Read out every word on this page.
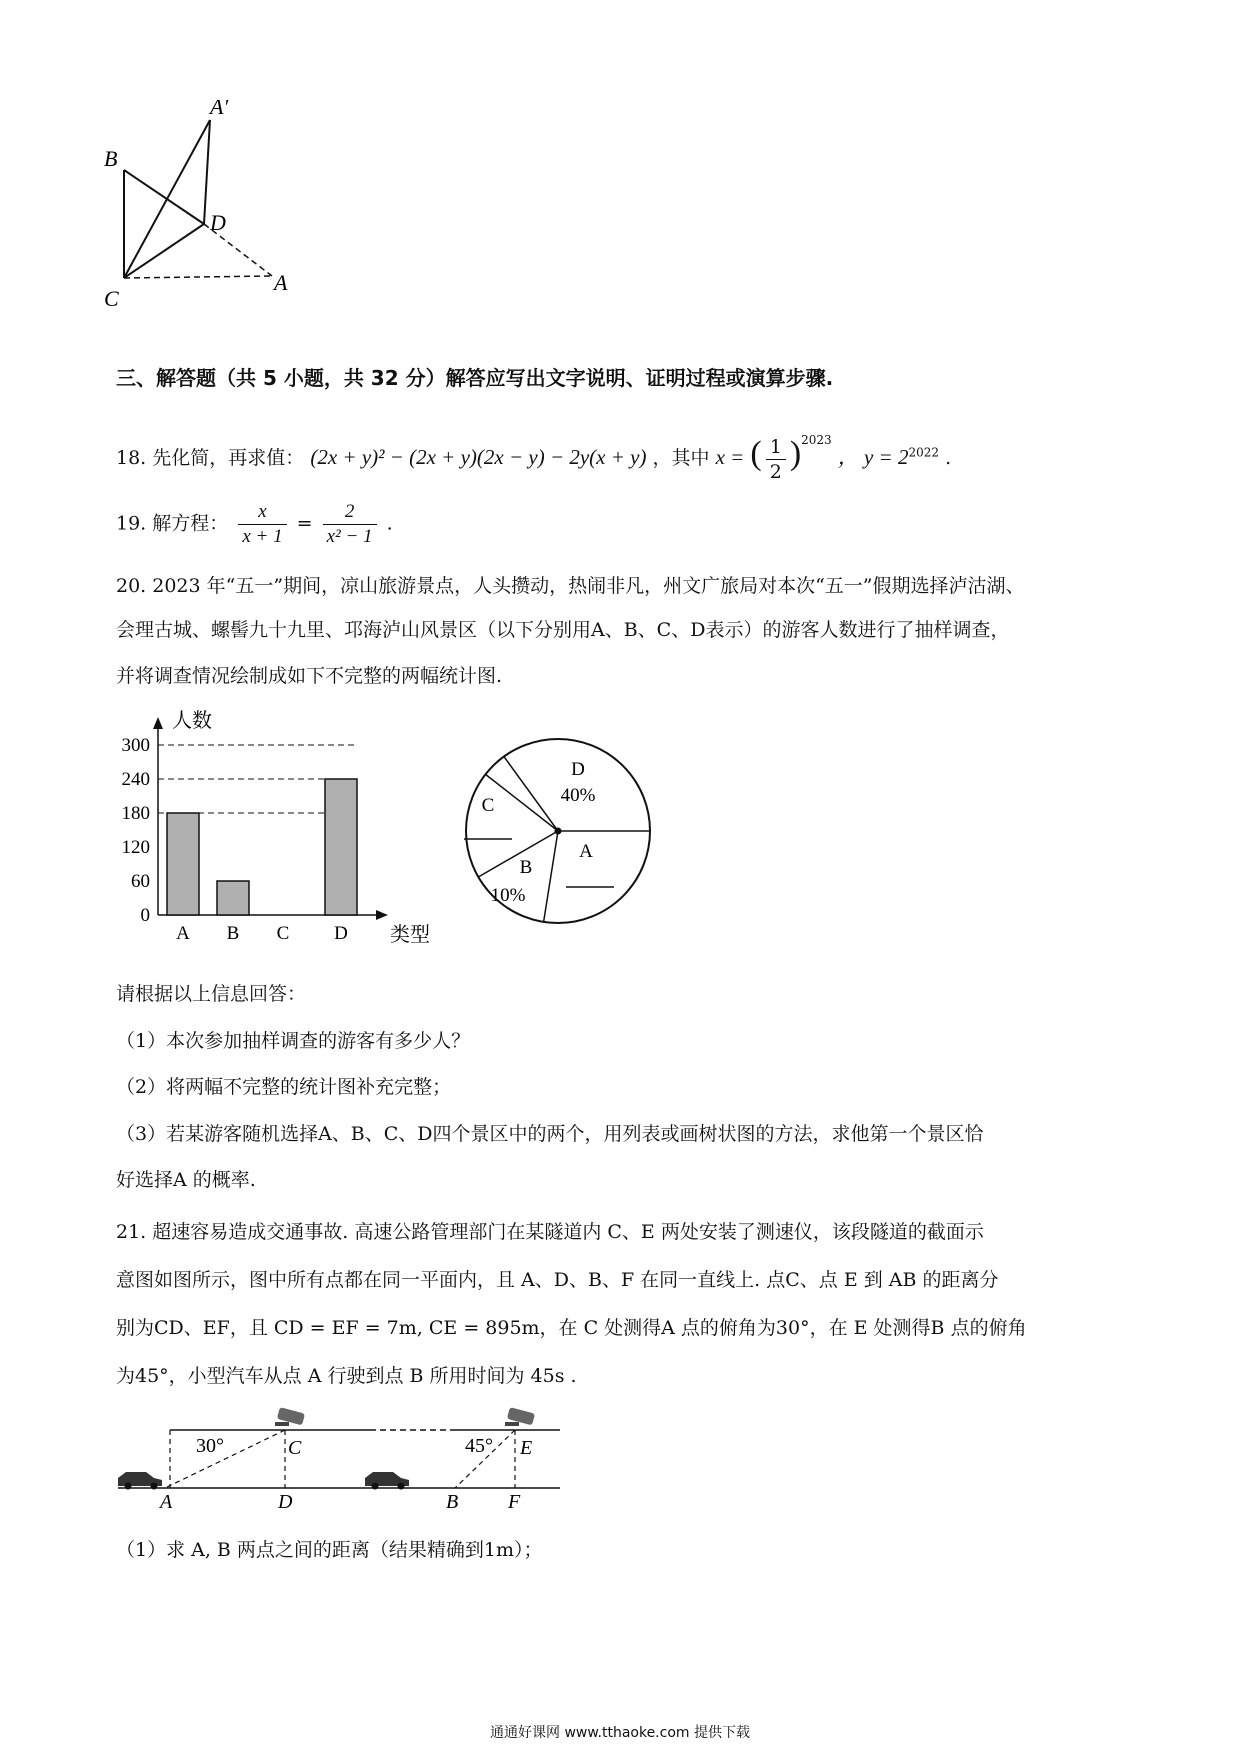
A′
B
D
C
A
三、解答题（共 5 小题，共 32 分）解答应写出文字说明、证明过程或演算步骤.
18. 先化简，再求值： (2x + y)² − (2x + y)(2x − y) − 2y(x + y) ，其中 x = ( $\frac{1}{2} )^{2023}$ ， $y = 2^{2022}$ .
19. 解方程： $\frac{x}{x + 1} = \frac{2}{\text{x² − 1}}$ .
20. 2023 年“五一”期间，凉山旅游景点，人头攒动，热闹非凡，州文广旅局对本次“五一”假期选择泸沽湖、
会理古城、螺髻九十九里、邛海泸山风景区（以下分别用A、B、C、D表示）的游客人数进行了抽样调查，
并将调查情况绘制成如下不完整的两幅统计图.
0
60
120
180
240
300
A B C D
人数
类型
D
40%
A
B
10%
C
请根据以上信息回答：
（1）本次参加抽样调查的游客有多少人？
（2）将两幅不完整的统计图补充完整；
（3）若某游客随机选择A、B、C、D四个景区中的两个，用列表或画树状图的方法，求他第一个景区恰
好选择A 的概率.
21. 超速容易造成交通事故. 高速公路管理部门在某隧道内 C、E 两处安装了测速仪，该段隧道的截面示
意图如图所示，图中所有点都在同一平面内，且 A、D、B、F 在同一直线上. 点C、点 E 到 AB 的距离分
别为CD、EF，且 CD = EF = 7m, CE = 895m，在 C 处测得A 点的俯角为30°，在 E 处测得B 点的俯角
为45°，小型汽车从点 A 行驶到点 B 所用时间为 45s .
30°	C	45° E
A	D	B F
（1）求 A, B 两点之间的距离（结果精确到1m）；
通通好课网 www.tthaoke.com 提供下载
